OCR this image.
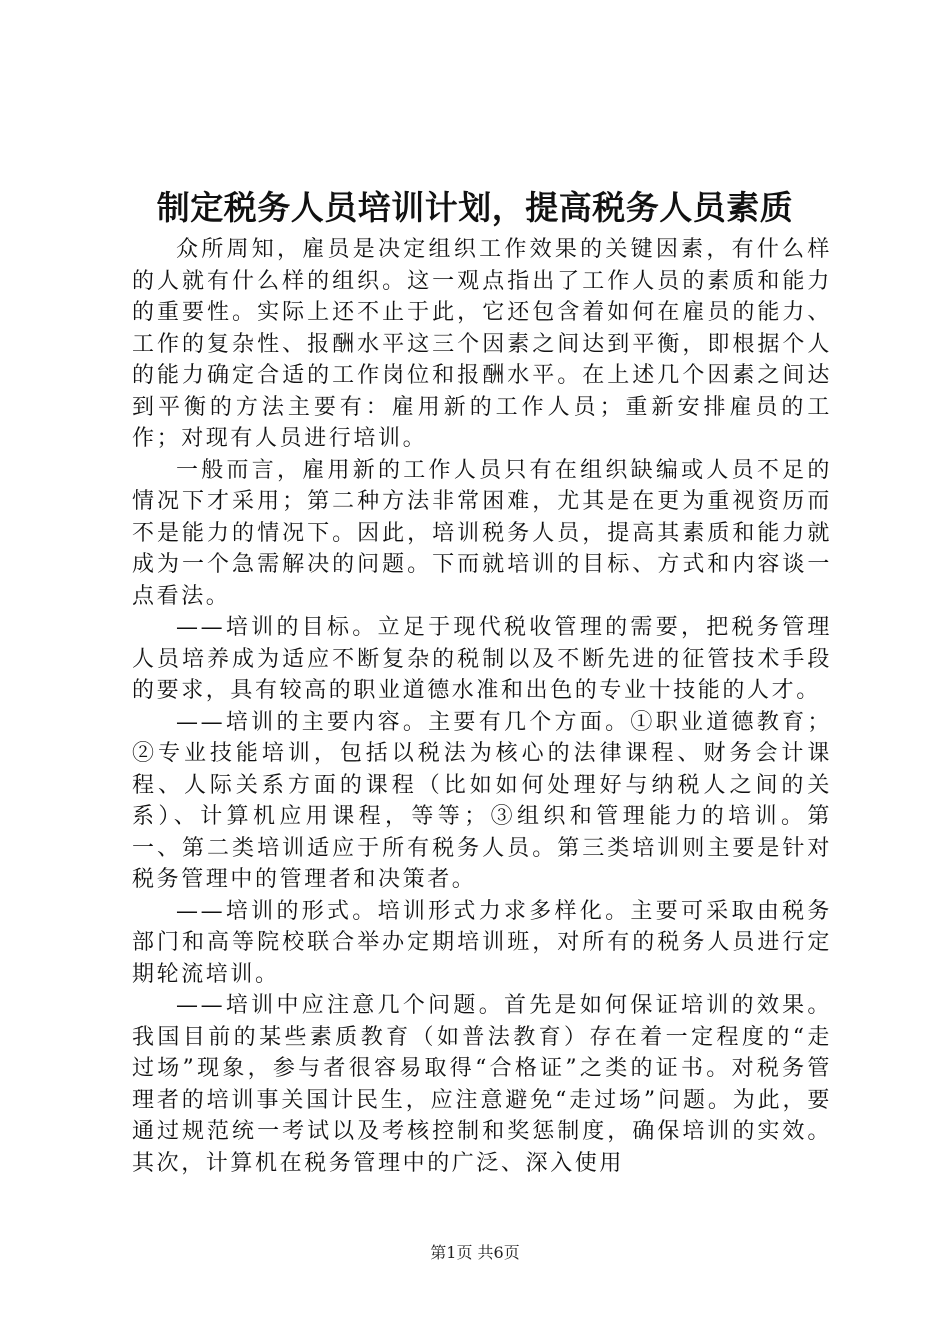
制定税务人员培训计划，提高税务人员素质

众所周知，雇员是决定组织工作效果的关键因素，有什么样的人就有什么样的组织。这一观点指出了工作人员的素质和能力的重要性。实际上还不止于此，它还包含着如何在雇员的能力、工作的复杂性、报酬水平这三个因素之间达到平衡，即根据个人的能力确定合适的工作岗位和报酬水平。在上述几个因素之间达到平衡的方法主要有：雇用新的工作人员；重新安排雇员的工作；对现有人员进行培训。

一般而言，雇用新的工作人员只有在组织缺编或人员不足的情况下才采用；第二种方法非常困难，尤其是在更为重视资历而不是能力的情况下。因此，培训税务人员，提高其素质和能力就成为一个急需解决的问题。下而就培训的目标、方式和内容谈一点看法。

——培训的目标。立足于现代税收管理的需要，把税务管理人员培养成为适应不断复杂的税制以及不断先进的征管技术手段的要求，具有较高的职业道德水准和出色的专业十技能的人才。

——培训的主要内容。主要有几个方面。①职业道德教育；②专业技能培训，包括以税法为核心的法律课程、财务会计课程、人际关系方面的课程（比如如何处理好与纳税人之间的关系）、计算机应用课程，等等；③组织和管理能力的培训。第一、第二类培训适应于所有税务人员。第三类培训则主要是针对税务管理中的管理者和决策者。

——培训的形式。培训形式力求多样化。主要可采取由税务部门和高等院校联合举办定期培训班，对所有的税务人员进行定期轮流培训。

——培训中应注意几个问题。首先是如何保证培训的效果。我国目前的某些素质教育（如普法教育）存在着一定程度的“走过场”现象，参与者很容易取得“合格证”之类的证书。对税务管理者的培训事关国计民生，应注意避免“走过场”问题。为此，要通过规范统一考试以及考核控制和奖惩制度，确保培训的实效。其次，计算机在税务管理中的广泛、深入使用

第1页 共6页
